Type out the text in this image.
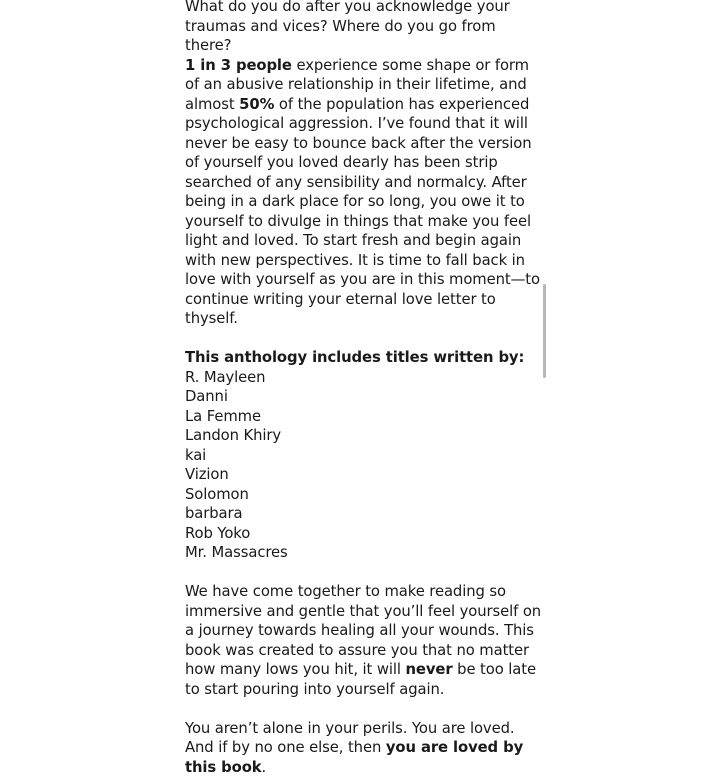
What do you do after you acknowledge your
traumas and vices? Where do you go from there?
1 in 3 people experience some shape or form of an abusive relationship in their lifetime, and almost 50% of the population has experienced psychological aggression. I’ve found that it will never be easy to bounce back after the version of yourself you loved dearly has been strip searched of any sensibility and normalcy. After being in a dark place for so long, you owe it to yourself to divulge in things that make you feel light and loved. To start fresh and begin again with new perspectives. It is time to fall back in love with yourself as you are in this moment—to continue writing your eternal love letter to thyself.

This anthology includes titles written by:

R. Mayleen
Danni
La Femme
Landon Khiry
kai
Vizion
Solomon
barbara
Rob Yoko
Mr. Massacres

We have come together to make reading so immersive and gentle that you’ll feel yourself on a journey towards healing all your wounds. This book was created to assure you that no matter how many lows you hit, it will never be too late to start pouring into yourself again.

You aren’t alone in your perils. You are loved. And if by no one else, then you are loved by this book.
